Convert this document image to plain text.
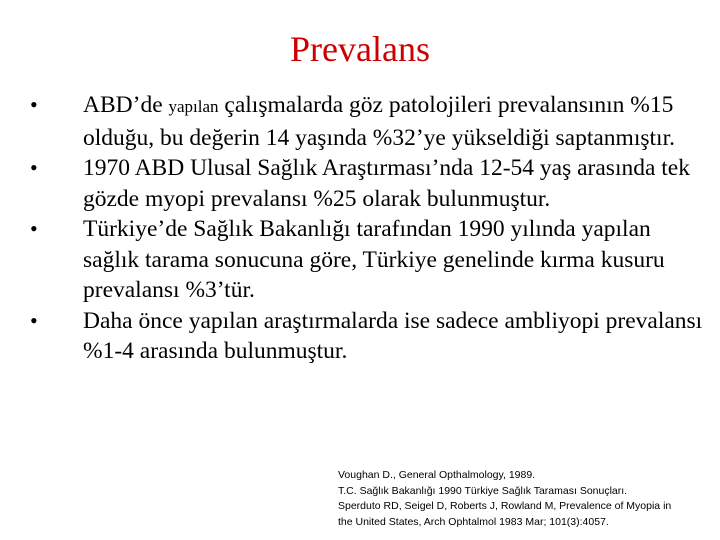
Prevalans
•	ABD’de yapılan çalışmalarda göz patolojileri prevalansının %15 olduğu, bu değerin 14 yaşında %32’ye yükseldiği saptanmıştır.
•	1970 ABD Ulusal Sağlık Araştırması’nda 12-54 yaş arasında tek gözde myopi prevalansı %25 olarak bulunmuştur.
•	Türkiye’de Sağlık Bakanlığı tarafından 1990 yılında yapılan sağlık tarama sonucuna göre, Türkiye genelinde kırma kusuru prevalansı %3’tür.
•	Daha önce yapılan araştırmalarda ise sadece ambliyopi prevalansı %1-4 arasında bulunmuştur.
Voughan D., General Opthalmology, 1989.
T.C. Sağlık Bakanlığı 1990 Türkiye Sağlık Taraması Sonuçları.
Sperduto RD, Seigel D, Roberts J, Rowland M, Prevalence of Myopia in
the United States, Arch Ophtalmol 1983 Mar; 101(3):4057.
